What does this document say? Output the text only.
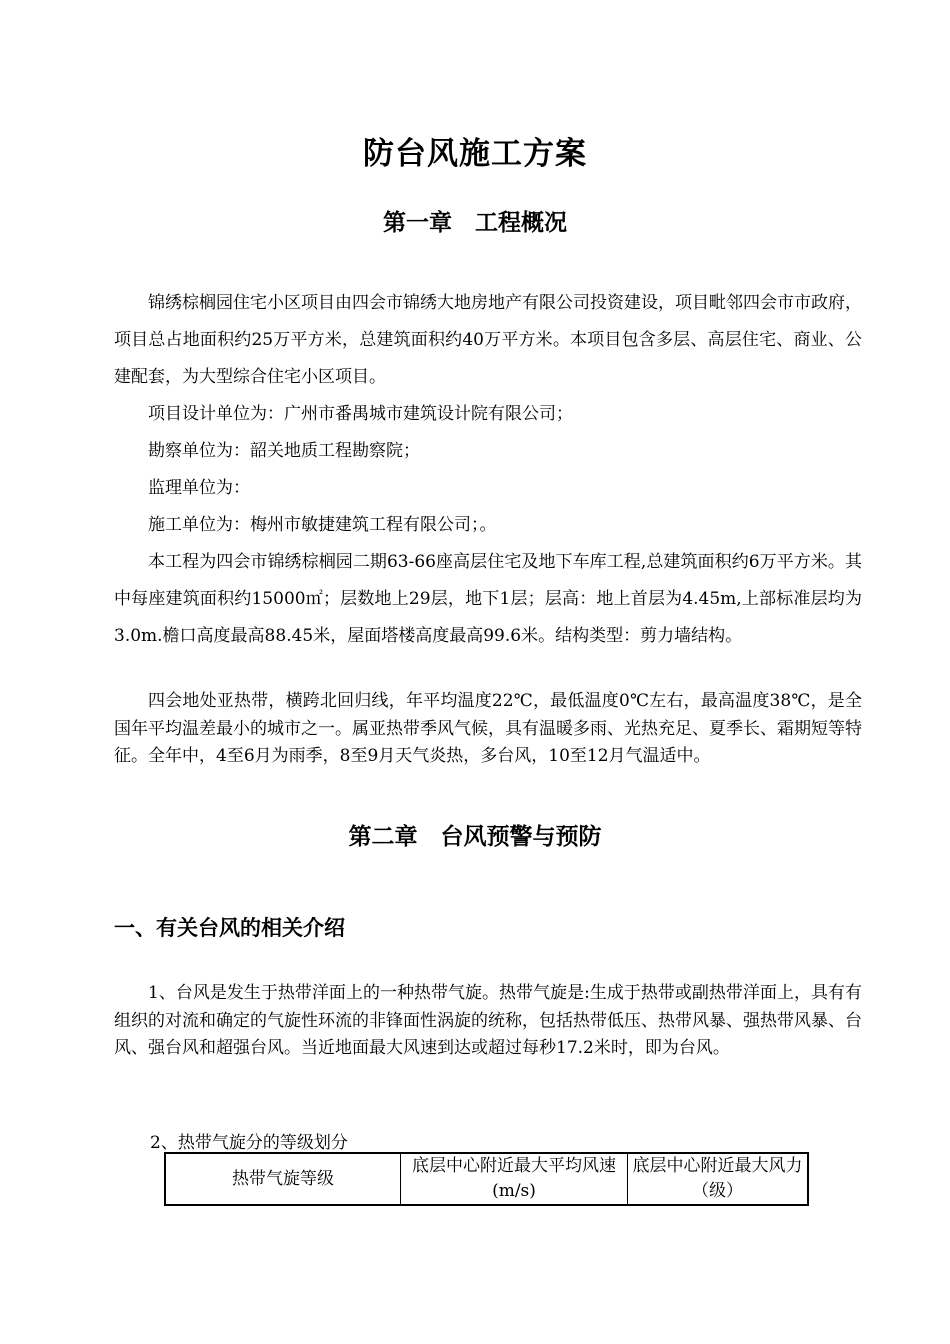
防台风施工方案
第一章　工程概况

锦绣棕榈园住宅小区项目由四会市锦绣大地房地产有限公司投资建设，项目毗邻四会市市政府，项目总占地面积约25万平方米，总建筑面积约40万平方米。本项目包含多层、高层住宅、商业、公建配套，为大型综合住宅小区项目。

项目设计单位为：广州市番禺城市建筑设计院有限公司；

勘察单位为：韶关地质工程勘察院；

监理单位为：

施工单位为：梅州市敏捷建筑工程有限公司；。

本工程为四会市锦绣棕榈园二期63-66座高层住宅及地下车库工程,总建筑面积约6万平方米。其中每座建筑面积约15000㎡；层数地上29层，地下1层；层高：地上首层为4.45m,上部标准层均为3.0m.檐口高度最高88.45米，屋面塔楼高度最高99.6米。结构类型：剪力墙结构。

四会地处亚热带，横跨北回归线，年平均温度22℃，最低温度0℃左右，最高温度38℃，是全国年平均温差最小的城市之一。属亚热带季风气候，具有温暖多雨、光热充足、夏季长、霜期短等特征。全年中，4至6月为雨季，8至9月天气炎热，多台风，10至12月气温适中。

第二章　台风预警与预防
一、有关台风的相关介绍

1、台风是发生于热带洋面上的一种热带气旋。热带气旋是:生成于热带或副热带洋面上，具有有组织的对流和确定的气旋性环流的非锋面性涡旋的统称，包括热带低压、热带风暴、强热带风暴、台风、强台风和超强台风。当近地面最大风速到达或超过每秒17.2米时，即为台风。

2、热带气旋分的等级划分
热带气旋等级	底层中心附近最大平均风速(m/s)	底层中心附近最大风力（级）
